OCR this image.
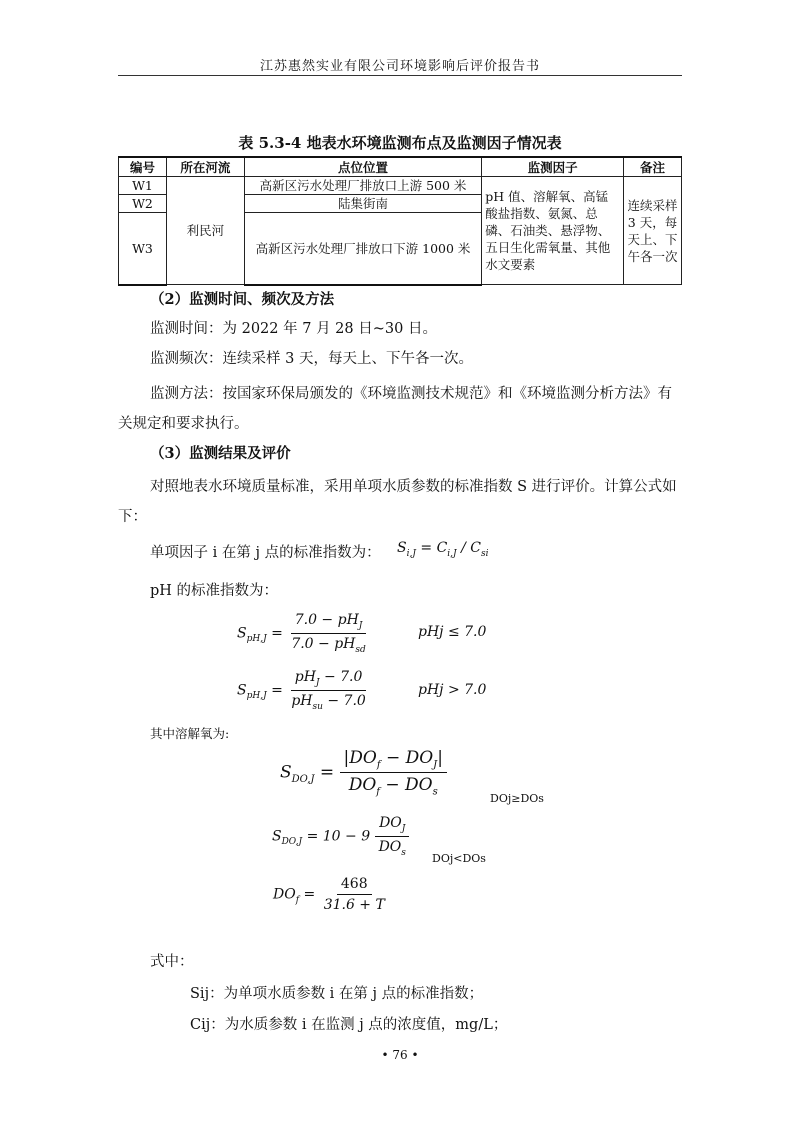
江苏惠然实业有限公司环境影响后评价报告书
表 5.3-4 地表水环境监测布点及监测因子情况表
编号	所在河流	点位位置	监测因子	备注
W1	利民河	高新区污水处理厂排放口上游 500 米	pH 值、溶解氧、高锰酸盐指数、氨氮、总磷、石油类、悬浮物、五日生化需氧量、其他水文要素	连续采样 3 天，每天上、下午各一次
W2		陆集街南		
W3		高新区污水处理厂排放口下游 1000 米		
（2）监测时间、频次及方法
监测时间：为 2022 年 7 月 28 日~30 日。
监测频次：连续采样 3 天，每天上、下午各一次。
监测方法：按国家环保局颁发的《环境监测技术规范》和《环境监测分析方法》有关规定和要求执行。
（3）监测结果及评价
对照地表水环境质量标准，采用单项水质参数的标准指数 S 进行评价。计算公式如下：
单项因子 i 在第 j 点的标准指数为： $S_{i,J} = C_{i,J} / C_{si}$
pH 的标准指数为：
$S_{pH,J} = \frac{7.0 - pH_J}{7.0 - pH_{sd}}$	pHj ≤ 7.0
$S_{pH,J} = \frac{pH_J - 7.0}{pH_{su} - 7.0}$	pHj > 7.0
其中溶解氧为:
$S_{DO,J} = \frac{|DO_f - DO_J|}{DO_f - DO_s}$
DOj≥DOs
$S_{DO,J} = 10 - 9 \frac{DO_J}{DO_s}$
DOj<DOs
$DO_f = \frac{468}{31.6 + T}$
式中：
Sij：为单项水质参数 i 在第 j 点的标准指数；
Cij：为水质参数 i 在监测 j 点的浓度值，mg/L；
• 76 •
